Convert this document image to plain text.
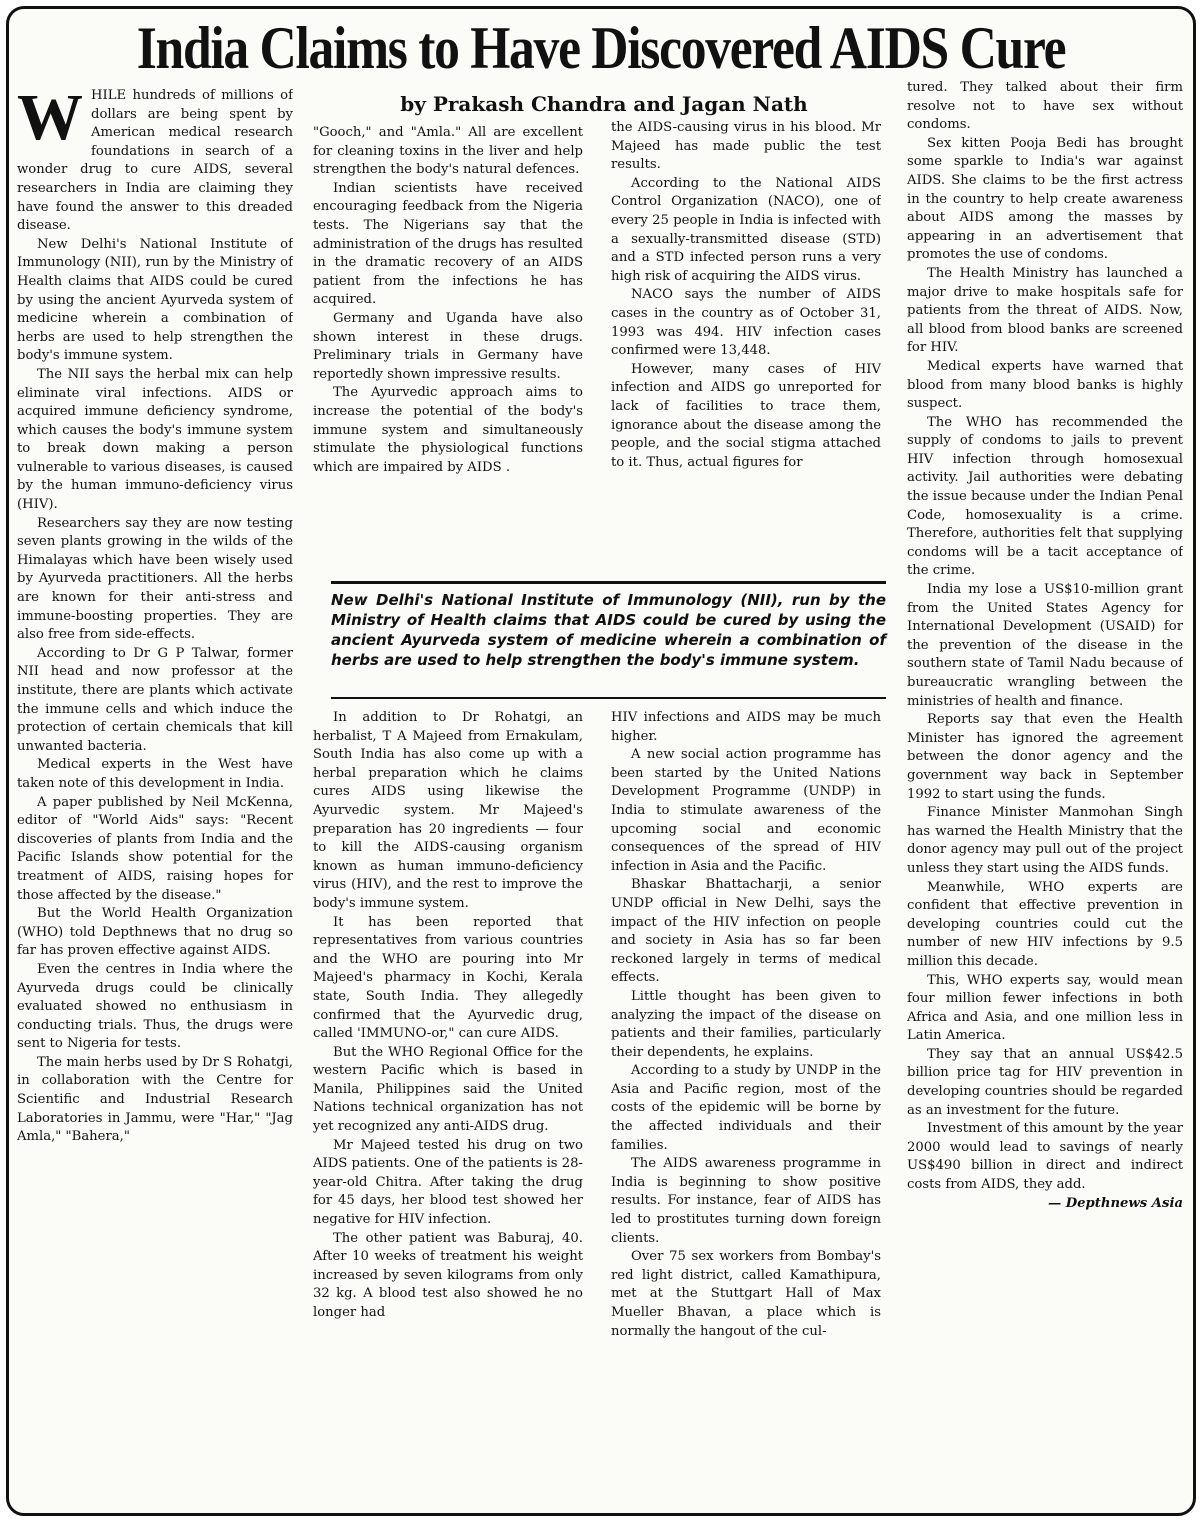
India Claims to Have Discovered AIDS Cure
by Prakash Chandra and Jagan Nath

WHILE hundreds of millions of dollars are being spent by American medical research foundations in search of a wonder drug to cure AIDS, several researchers in India are claiming they have found the answer to this dreaded disease.

New Delhi's National Institute of Immunology (NII), run by the Ministry of Health claims that AIDS could be cured by using the ancient Ayurveda system of medicine wherein a combination of herbs are used to help strengthen the body's immune system.

The NII says the herbal mix can help eliminate viral infections. AIDS or acquired immune deficiency syndrome, which causes the body's immune system to break down making a person vulnerable to various diseases, is caused by the human immuno-deficiency virus (HIV).

Researchers say they are now testing seven plants growing in the wilds of the Himalayas which have been wisely used by Ayurveda practitioners. All the herbs are known for their anti-stress and immune-boosting properties. They are also free from side-effects.

According to Dr G P Talwar, former NII head and now professor at the institute, there are plants which activate the immune cells and which induce the protection of certain chemicals that kill unwanted bacteria.

Medical experts in the West have taken note of this development in India.

A paper published by Neil McKenna, editor of "World Aids" says: "Recent discoveries of plants from India and the Pacific Islands show potential for the treatment of AIDS, raising hopes for those affected by the disease."

But the World Health Organization (WHO) told Depthnews that no drug so far has proven effective against AIDS.

Even the centres in India where the Ayurveda drugs could be clinically evaluated showed no enthusiasm in conducting trials. Thus, the drugs were sent to Nigeria for tests.

The main herbs used by Dr S Rohatgi, in collaboration with the Centre for Scientific and Industrial Research Laboratories in Jammu, were "Har," "Jag Amla," "Bahera,"

"Gooch," and "Amla." All are excellent for cleaning toxins in the liver and help strengthen the body's natural defences.

Indian scientists have received encouraging feedback from the Nigeria tests. The Nigerians say that the administration of the drugs has resulted in the dramatic recovery of an AIDS patient from the infections he has acquired.

Germany and Uganda have also shown interest in these drugs. Preliminary trials in Germany have reportedly shown impressive results.

The Ayurvedic approach aims to increase the potential of the body's immune system and simultaneously stimulate the physiological functions which are impaired by AIDS .

the AIDS-causing virus in his blood. Mr Majeed has made public the test results.

According to the National AIDS Control Organization (NACO), one of every 25 people in India is infected with a sexually-transmitted disease (STD) and a STD infected person runs a very high risk of acquiring the AIDS virus.

NACO says the number of AIDS cases in the country as of October 31, 1993 was 494. HIV infection cases confirmed were 13,448.

However, many cases of HIV infection and AIDS go unreported for lack of facilities to trace them, ignorance about the disease among the people, and the social stigma attached to it. Thus, actual figures for

New Delhi's National Institute of Immunology (NII), run by the Ministry of Health claims that AIDS could be cured by using the ancient Ayurveda system of medicine wherein a combination of herbs are used to help strengthen the body's immune system.

In addition to Dr Rohatgi, an herbalist, T A Majeed from Ernakulam, South India has also come up with a herbal preparation which he claims cures AIDS using likewise the Ayurvedic system. Mr Majeed's preparation has 20 ingredients — four to kill the AIDS-causing organism known as human immuno-deficiency virus (HIV), and the rest to improve the body's immune system.

It has been reported that representatives from various countries and the WHO are pouring into Mr Majeed's pharmacy in Kochi, Kerala state, South India. They allegedly confirmed that the Ayurvedic drug, called 'IMMUNO-or," can cure AIDS.

But the WHO Regional Office for the western Pacific which is based in Manila, Philippines said the United Nations technical organization has not yet recognized any anti-AIDS drug.

Mr Majeed tested his drug on two AIDS patients. One of the patients is 28-year-old Chitra. After taking the drug for 45 days, her blood test showed her negative for HIV infection.

The other patient was Baburaj, 40. After 10 weeks of treatment his weight increased by seven kilograms from only 32 kg. A blood test also showed he no longer had

HIV infections and AIDS may be much higher.

A new social action programme has been started by the United Nations Development Programme (UNDP) in India to stimulate awareness of the upcoming social and economic consequences of the spread of HIV infection in Asia and the Pacific.

Bhaskar Bhattacharji, a senior UNDP official in New Delhi, says the impact of the HIV infection on people and society in Asia has so far been reckoned largely in terms of medical effects.

Little thought has been given to analyzing the impact of the disease on patients and their families, particularly their dependents, he explains.

According to a study by UNDP in the Asia and Pacific region, most of the costs of the epidemic will be borne by the affected individuals and their families.

The AIDS awareness programme in India is beginning to show positive results. For instance, fear of AIDS has led to prostitutes turning down foreign clients.

Over 75 sex workers from Bombay's red light district, called Kamathipura, met at the Stuttgart Hall of Max Mueller Bhavan, a place which is normally the hangout of the cul-

tured. They talked about their firm resolve not to have sex without condoms.

Sex kitten Pooja Bedi has brought some sparkle to India's war against AIDS. She claims to be the first actress in the country to help create awareness about AIDS among the masses by appearing in an advertisement that promotes the use of condoms.

The Health Ministry has launched a major drive to make hospitals safe for patients from the threat of AIDS. Now, all blood from blood banks are screened for HIV.

Medical experts have warned that blood from many blood banks is highly suspect.

The WHO has recommended the supply of condoms to jails to prevent HIV infection through homosexual activity. Jail authorities were debating the issue because under the Indian Penal Code, homosexuality is a crime. Therefore, authorities felt that supplying condoms will be a tacit acceptance of the crime.

India my lose a US$10-million grant from the United States Agency for International Development (USAID) for the prevention of the disease in the southern state of Tamil Nadu because of bureaucratic wrangling between the ministries of health and finance.

Reports say that even the Health Minister has ignored the agreement between the donor agency and the government way back in September 1992 to start using the funds.

Finance Minister Manmohan Singh has warned the Health Ministry that the donor agency may pull out of the project unless they start using the AIDS funds.

Meanwhile, WHO experts are confident that effective prevention in developing countries could cut the number of new HIV infections by 9.5 million this decade.

This, WHO experts say, would mean four million fewer infections in both Africa and Asia, and one million less in Latin America.

They say that an annual US$42.5 billion price tag for HIV prevention in developing countries should be regarded as an investment for the future.

Investment of this amount by the year 2000 would lead to savings of nearly US$490 billion in direct and indirect costs from AIDS, they add.

— Depthnews Asia
